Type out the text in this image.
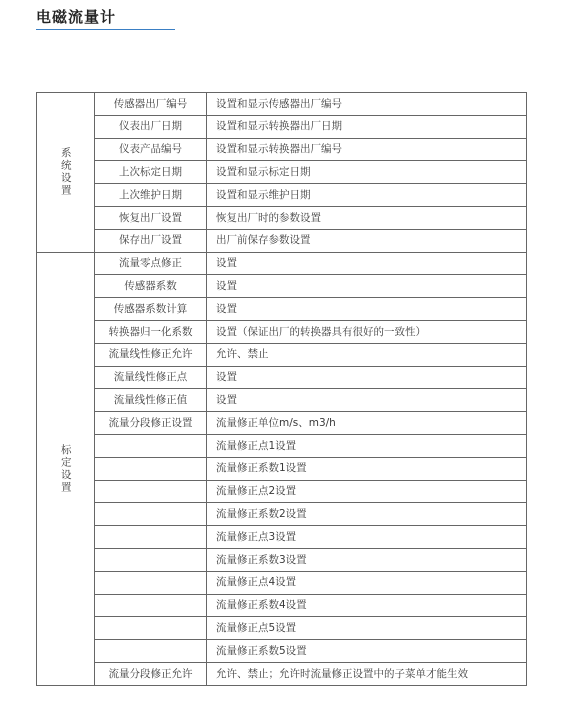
电磁流量计
系统设置	传感器出厂编号	设置和显示传感器出厂编号
	仪表出厂日期	设置和显示转换器出厂日期
	仪表产品编号	设置和显示转换器出厂编号
	上次标定日期	设置和显示标定日期
	上次维护日期	设置和显示维护日期
	恢复出厂设置	恢复出厂时的参数设置
	保存出厂设置	出厂前保存参数设置
标定设置	流量零点修正	设置
	传感器系数	设置
	传感器系数计算	设置
	转换器归一化系数	设置（保证出厂的转换器具有很好的一致性）
	流量线性修正允许	允许、禁止
	流量线性修正点	设置
	流量线性修正值	设置
	流量分段修正设置	流量修正单位m/s、m3/h
		流量修正点1设置
		流量修正系数1设置
		流量修正点2设置
		流量修正系数2设置
		流量修正点3设置
		流量修正系数3设置
		流量修正点4设置
		流量修正系数4设置
		流量修正点5设置
		流量修正系数5设置
	流量分段修正允许	允许、禁止；允许时流量修正设置中的子菜单才能生效
